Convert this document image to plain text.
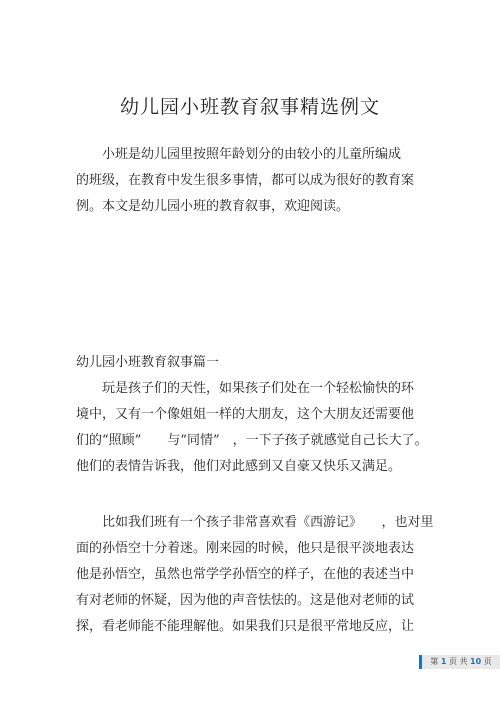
幼儿园小班教育叙事精选例文
小班是幼儿园里按照年龄划分的由较小的儿童所编成
的班级，在教育中发生很多事情，都可以成为很好的教育案
例。本文是幼儿园小班的教育叙事，欢迎阅读。
幼儿园小班教育叙事篇一
玩是孩子们的天性，如果孩子们处在一个轻松愉快的环
境中，又有一个像姐姐一样的大朋友，这个大朋友还需要他
们的“照顾”　　与“同情”　，一下子孩子就感觉自己长大了。
他们的表情告诉我，他们对此感到又自豪又快乐又满足。
比如我们班有一个孩子非常喜欢看《西游记》　　，也对里
面的孙悟空十分着迷。刚来园的时候，他只是很平淡地表达
他是孙悟空，虽然也常学学孙悟空的样子，在他的表述当中
有对老师的怀疑，因为他的声音怯怯的。这是他对老师的试
探，看老师能不能理解他。如果我们只是很平常地反应，让
第 1 页 共 10 页
